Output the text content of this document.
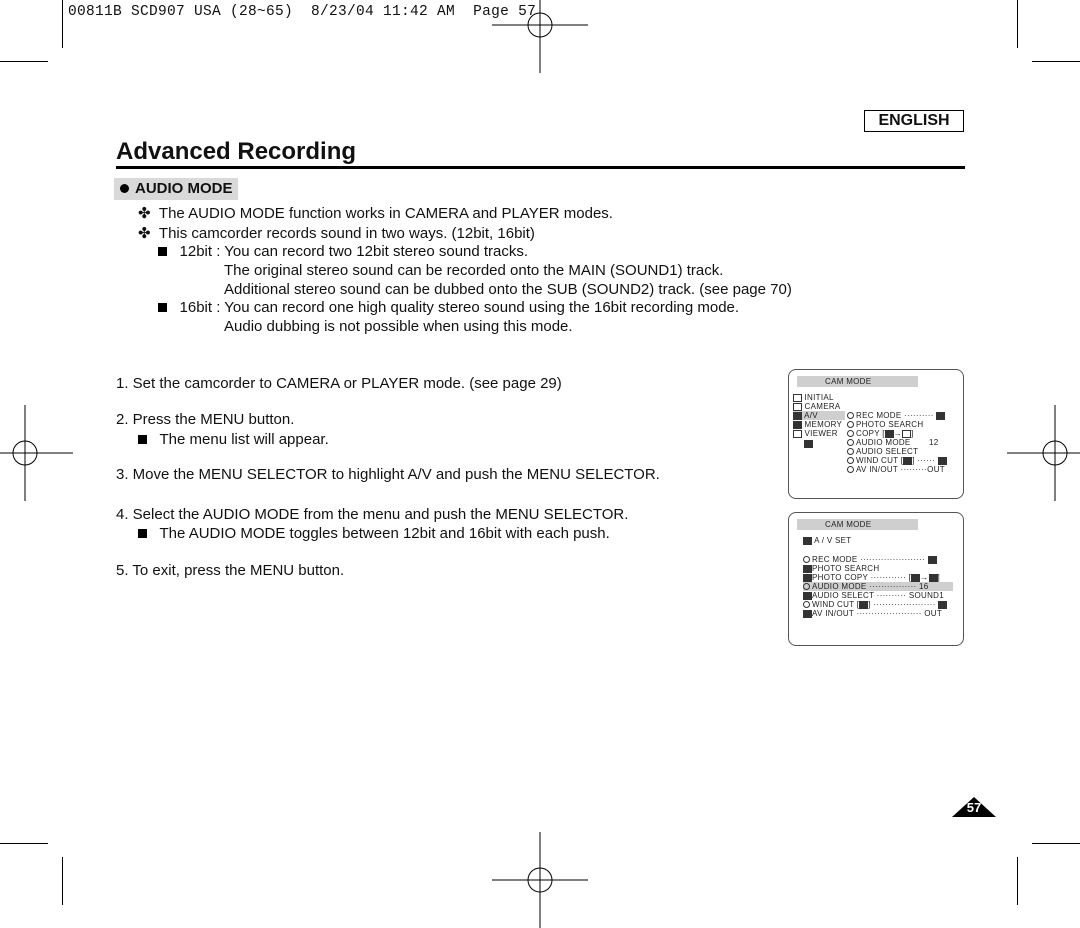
00811B SCD907 USA (28~65)  8/23/04 11:42 AM  Page 57
ENGLISH
Advanced Recording
AUDIO MODE
✤ The AUDIO MODE function works in CAMERA and PLAYER modes.
✤ This camcorder records sound in two ways. (12bit, 16bit)
12bit : You can record two 12bit stereo sound tracks.
The original stereo sound can be recorded onto the MAIN (SOUND1) track.
Additional stereo sound can be dubbed onto the SUB (SOUND2) track. (see page 70)
16bit : You can record one high quality stereo sound using the 16bit recording mode.
Audio dubbing is not possible when using this mode.
1. Set the camcorder to CAMERA or PLAYER mode. (see page 29)
2. Press the MENU button.
The menu list will appear.
3. Move the MENU SELECTOR to highlight A/V and push the MENU SELECTOR.
4. Select the AUDIO MODE from the menu and push the MENU SELECTOR.
The AUDIO MODE toggles between 12bit and 16bit with each push.
5. To exit, press the MENU button.
CAM MODE
INITIAL
CAMERA
A/V
MEMORY
VIEWER
REC MODE ··········
PHOTO SEARCH
COPY [ → ]
AUDIO MODE 12
AUDIO SELECT
WIND CUT [ ] ······
AV IN/OUT ·········OUT
CAM MODE
A / V SET
REC MODE ······················
PHOTO SEARCH
PHOTO COPY ············ [ → ]
AUDIO MODE ················ 16
AUDIO SELECT ·········· SOUND1
WIND CUT [ ] ·····················
AV IN/OUT ······················ OUT
57
